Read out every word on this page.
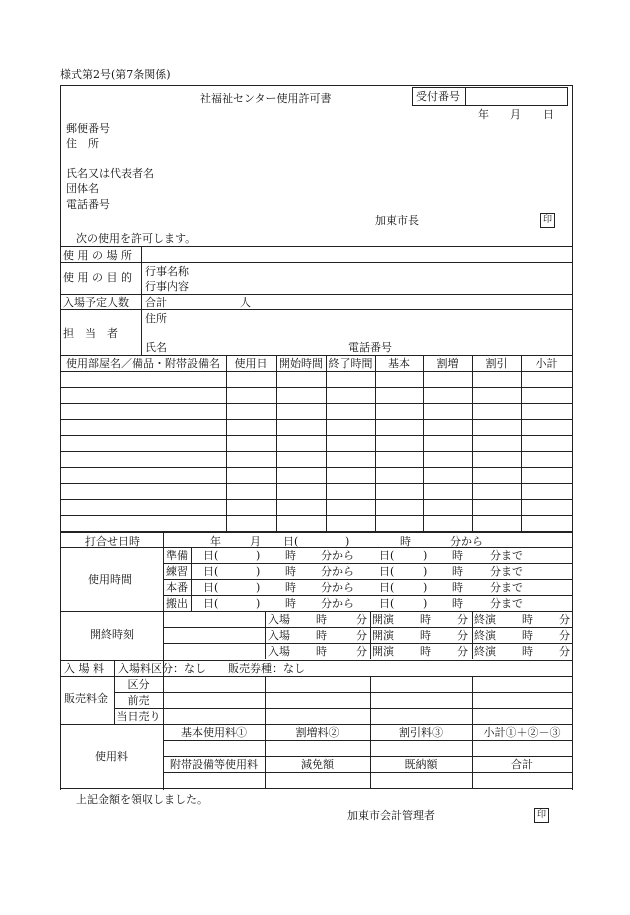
様式第2号(第7条関係)
社福祉センター使用許可書	受付番号
年 月 日
郵便番号
住　所
氏名又は代表者名
団体名
電話番号
加東市長	印
次の使用を許可します。
使 用 の 場 所
使 用 の 目 的 行事名称
行事内容
入場予定人数 合計	人
担　当　者
住所
氏名	電話番号
使用部屋名／備品・附帯設備名	使用日	開始時間 終了時間	基本	割増	割引	小計
打合せ日時	年	月 日(	)	時	分から
準備 日(	) 時 分から 日(	) 時 分まで
練習 日(	) 時 分から 日(	) 時 分まで
本番 日(	) 時 分から 日(	) 時 分まで
搬出 日(	) 時 分から 日(	) 時 分まで
使用時間
入場 時	分 開演 時 分 終演 時 分
入場 時	分 開演 時 分 終演 時 分
入場 時	分 開演 時 分 終演 時 分
開終時刻
入 場 料 入場料区分：なし　　販売券種：なし
区分
前売
当日売り
販売料金
基本使用料①	割増料②	割引料③	小計①＋②－③
附帯設備等使用料	減免額	既納額	合計
使用料
上記金額を領収しました。
加東市会計管理者	印
